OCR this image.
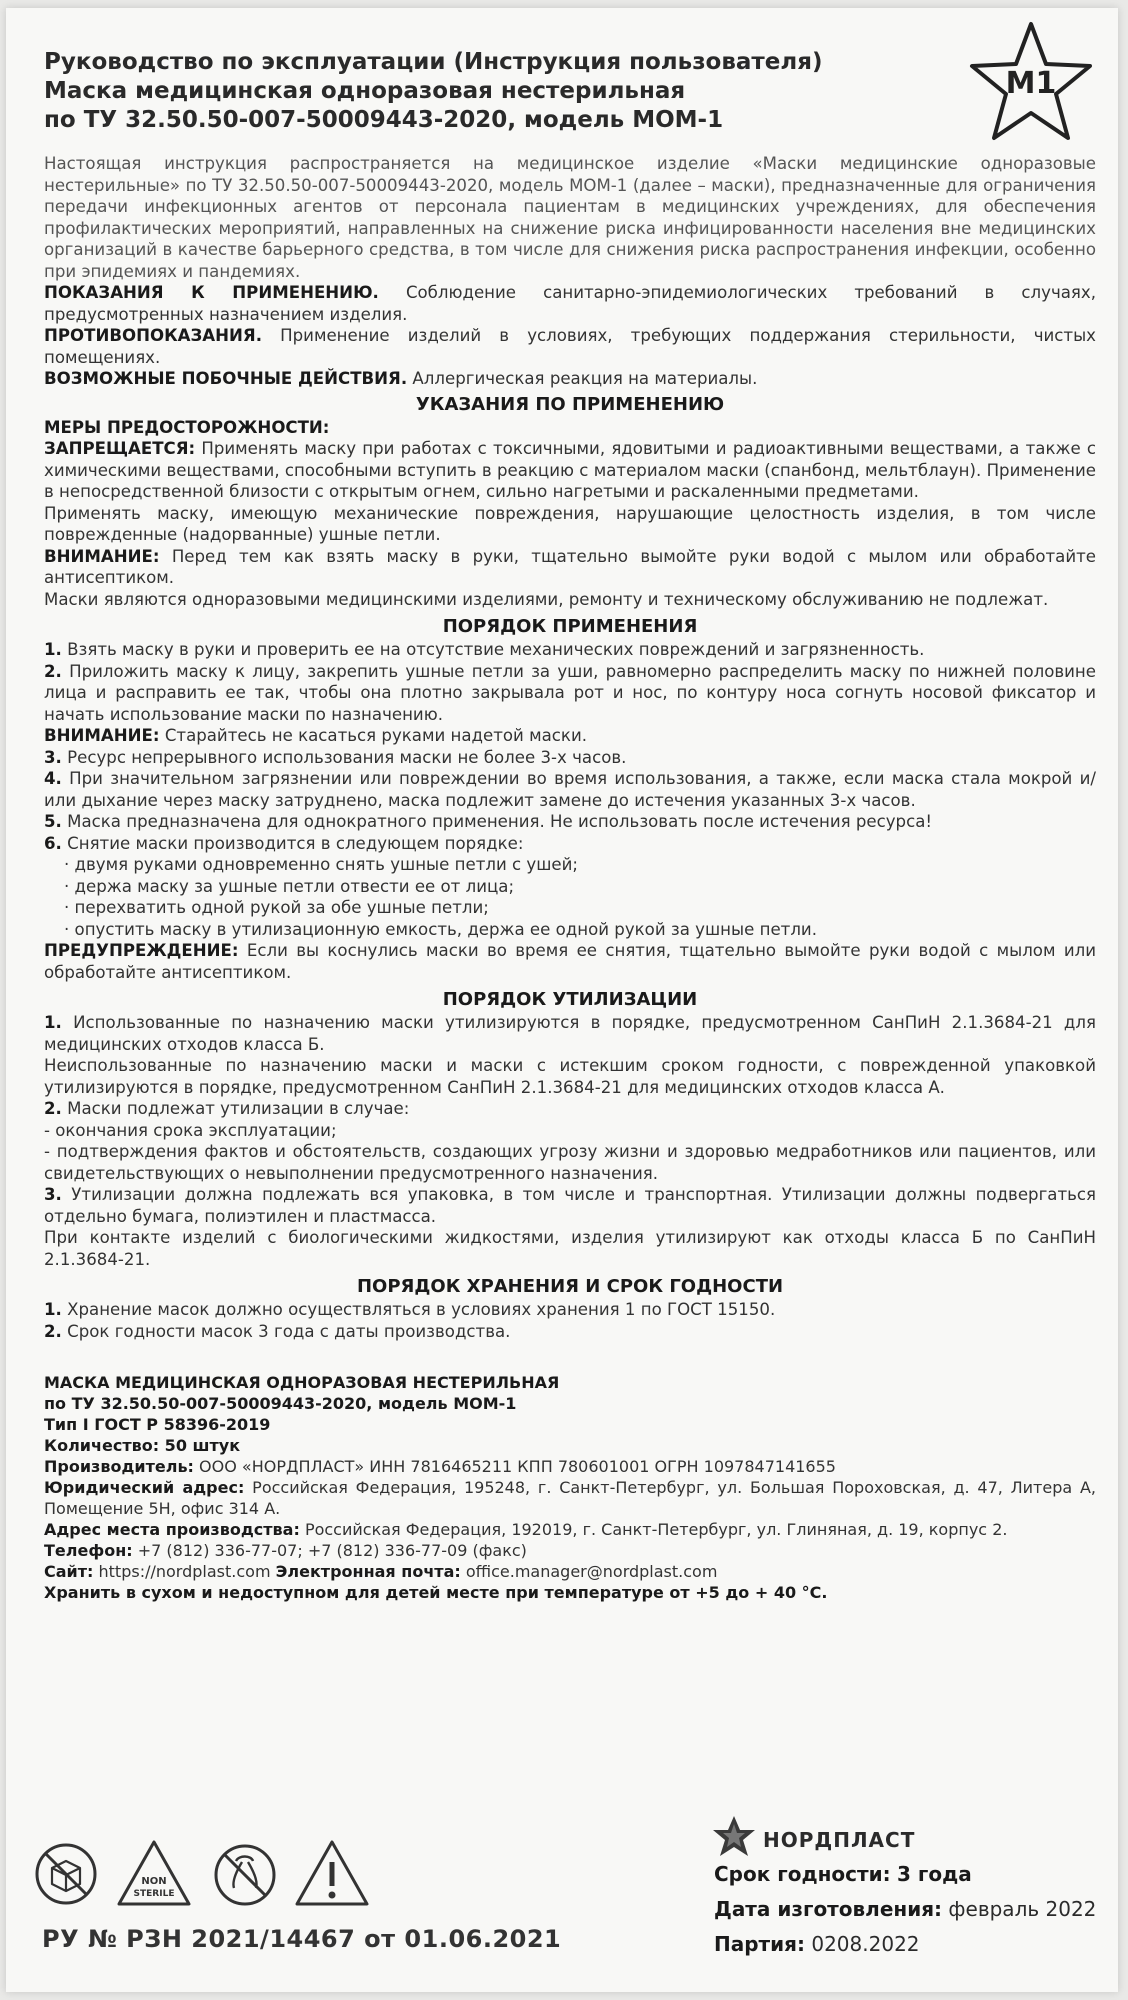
М1
Руководство по эксплуатации (Инструкция пользователя)
Маска медицинская одноразовая нестерильная
по ТУ 32.50.50-007-50009443-2020, модель МОМ-1

Настоящая инструкция распространяется на медицинское изделие «Маски медицинские одноразовые нестерильные» по ТУ 32.50.50-007-50009443-2020, модель МОМ-1 (далее – маски), предназначенные для ограничения передачи инфекционных агентов от персонала пациентам в медицинских учреждениях, для обеспечения профилактических мероприятий, направленных на снижение риска инфицированности населения вне медицинских организаций в качестве барьерного средства, в том числе для снижения риска распространения инфекции, особенно при эпидемиях и пандемиях.

ПОКАЗАНИЯ К ПРИМЕНЕНИЮ. Соблюдение санитарно-эпидемиологических требований в случаях, предусмотренных назначением изделия.

ПРОТИВОПОКАЗАНИЯ. Применение изделий в условиях, требующих поддержания стерильности, чистых помещениях.

ВОЗМОЖНЫЕ ПОБОЧНЫЕ ДЕЙСТВИЯ. Аллергическая реакция на материалы.

УКАЗАНИЯ ПО ПРИМЕНЕНИЮ

МЕРЫ ПРЕДОСТОРОЖНОСТИ:

ЗАПРЕЩАЕТСЯ: Применять маску при работах с токсичными, ядовитыми и радиоактивными веществами, а также с химическими веществами, способными вступить в реакцию с материалом маски (спанбонд, мельтблаун). Применение в непосредственной близости с открытым огнем, сильно нагретыми и раскаленными предметами.

Применять маску, имеющую механические повреждения, нарушающие целостность изделия, в том числе поврежденные (надорванные) ушные петли.

ВНИМАНИЕ: Перед тем как взять маску в руки, тщательно вымойте руки водой с мылом или обработайте антисептиком.

Маски являются одноразовыми медицинскими изделиями, ремонту и техническому обслуживанию не подлежат.

ПОРЯДОК ПРИМЕНЕНИЯ

1. Взять маску в руки и проверить ее на отсутствие механических повреждений и загрязненность.

2. Приложить маску к лицу, закрепить ушные петли за уши, равномерно распределить маску по нижней половине лица и расправить ее так, чтобы она плотно закрывала рот и нос, по контуру носа согнуть носовой фиксатор и начать использование маски по назначению.

ВНИМАНИЕ: Старайтесь не касаться руками надетой маски.

3. Ресурс непрерывного использования маски не более 3-х часов.

4. При значительном загрязнении или повреждении во время использования, а также, если маска стала мокрой и/или дыхание через маску затруднено, маска подлежит замене до истечения указанных 3-х часов.

5. Маска предназначена для однократного применения. Не использовать после истечения ресурса!

6. Снятие маски производится в следующем порядке:

· двумя руками одновременно снять ушные петли с ушей;

· держа маску за ушные петли отвести ее от лица;

· перехватить одной рукой за обе ушные петли;

· опустить маску в утилизационную емкость, держа ее одной рукой за ушные петли.

ПРЕДУПРЕЖДЕНИЕ: Если вы коснулись маски во время ее снятия, тщательно вымойте руки водой с мылом или обработайте антисептиком.

ПОРЯДОК УТИЛИЗАЦИИ

1. Использованные по назначению маски утилизируются в порядке, предусмотренном СанПиН 2.1.3684-21 для медицинских отходов класса Б.

Неиспользованные по назначению маски и маски с истекшим сроком годности, с поврежденной упаковкой утилизируются в порядке, предусмотренном СанПиН 2.1.3684-21 для медицинских отходов класса А.

2. Маски подлежат утилизации в случае:

- окончания срока эксплуатации;

- подтверждения фактов и обстоятельств, создающих угрозу жизни и здоровью медработников или пациентов, или свидетельствующих о невыполнении предусмотренного назначения.

3. Утилизации должна подлежать вся упаковка, в том числе и транспортная. Утилизации должны подвергаться отдельно бумага, полиэтилен и пластмасса.

При контакте изделий с биологическими жидкостями, изделия утилизируют как отходы класса Б по СанПиН 2.1.3684-21.

ПОРЯДОК ХРАНЕНИЯ И СРОК ГОДНОСТИ

1. Хранение масок должно осуществляться в условиях хранения 1 по ГОСТ 15150.

2. Срок годности масок 3 года с даты производства.

МАСКА МЕДИЦИНСКАЯ ОДНОРАЗОВАЯ НЕСТЕРИЛЬНАЯ

по ТУ 32.50.50-007-50009443-2020, модель МОМ-1

Тип I ГОСТ Р 58396-2019

Количество: 50 штук

Производитель: ООО «НОРДПЛАСТ» ИНН 7816465211 КПП 780601001 ОГРН 1097847141655

Юридический адрес: Российская Федерация, 195248, г. Санкт-Петербург, ул. Большая Пороховская, д. 47, Литера А, Помещение 5Н, офис 314 А.

Адрес места производства: Российская Федерация, 192019, г. Санкт-Петербург, ул. Глиняная, д. 19, корпус 2.

Телефон: +7 (812) 336-77-07; +7 (812) 336-77-09 (факс)

Сайт: https://nordplast.com Электронная почта: office.manager@nordplast.com

Хранить в сухом и недоступном для детей месте при температуре от +5 до + 40 °С.

NON
STERILE
РУ № РЗН 2021/14467 от 01.06.2021
НОРДПЛАСТ
Срок годности: 3 года
Дата изготовления: февраль 2022
Партия: 0208.2022
